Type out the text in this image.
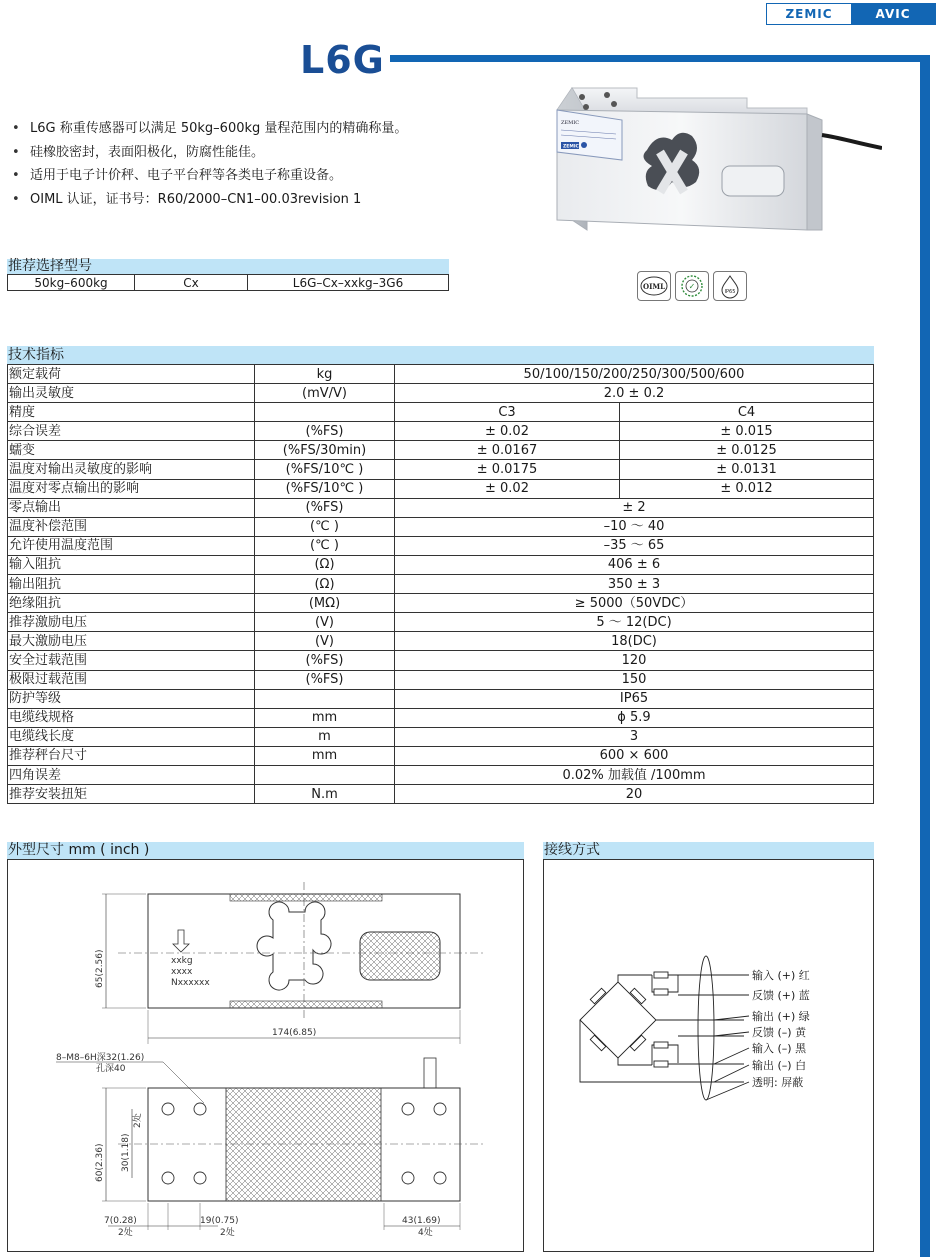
ZEMIC	AVIC
L6G
• L6G 称重传感器可以满足 50kg–600kg 量程范围内的精确称量。
• 硅橡胶密封，表面阳极化，防腐性能佳。
• 适用于电子计价秤、电子平台秤等各类电子称重设备。
• OIML 认证，证书号：R60/2000–CN1–00.03revision 1
ZEMIC
ZEMIC
推荐选择型号
50kg–600kg	Cx	L6G–Cx–xxkg–3G6	OIML	✓
IP65
技术指标
额定载荷	kg	50/100/150/200/250/300/500/600	
输出灵敏度	(mV/V)	2.0 ± 0.2	
精度		C3	C4
综合误差	(%FS)	± 0.02	± 0.015
蠕变	(%FS/30min)	± 0.0167	± 0.0125
温度对输出灵敏度的影响	(%FS/10℃ )	± 0.0175	± 0.0131
温度对零点输出的影响	(%FS/10℃ )	± 0.02	± 0.012
零点输出	(%FS)	± 2	
温度补偿范围	(℃ )	–10 ～ 40	
允许使用温度范围	(℃ )	–35 ～ 65	
输入阻抗	(Ω)	406 ± 6	
输出阻抗	(Ω)	350 ± 3	
绝缘阻抗	(MΩ)	≥ 5000（50VDC）	
推荐激励电压	(V)	5 ～ 12(DC)	
最大激励电压	(V)	18(DC)	
安全过载范围	(%FS)	120	
极限过载范围	(%FS)	150	
防护等级		IP65	
电缆线规格	mm	ϕ 5.9	
电缆线长度	m	3	
推荐秤台尺寸	mm	600 × 600	
四角误差		0.02% 加载值 /100mm	
推荐安装扭矩	N.m	20	
外型尺寸 mm ( inch )
xxkg
xxxx
Nxxxxxx
65(2.56)
174(6.85)
8–M8–6H深32(1.26)
孔深40
60(2.36) 30(1.18)
2处
7(0.28)
2处
19(0.75)
2处
43(1.69)
4处
接线方式
输入 (+) 红
反馈 (+) 蓝
输出 (+) 绿
反馈 (–) 黄
输入 (–) 黑
输出 (–) 白
透明: 屏蔽
